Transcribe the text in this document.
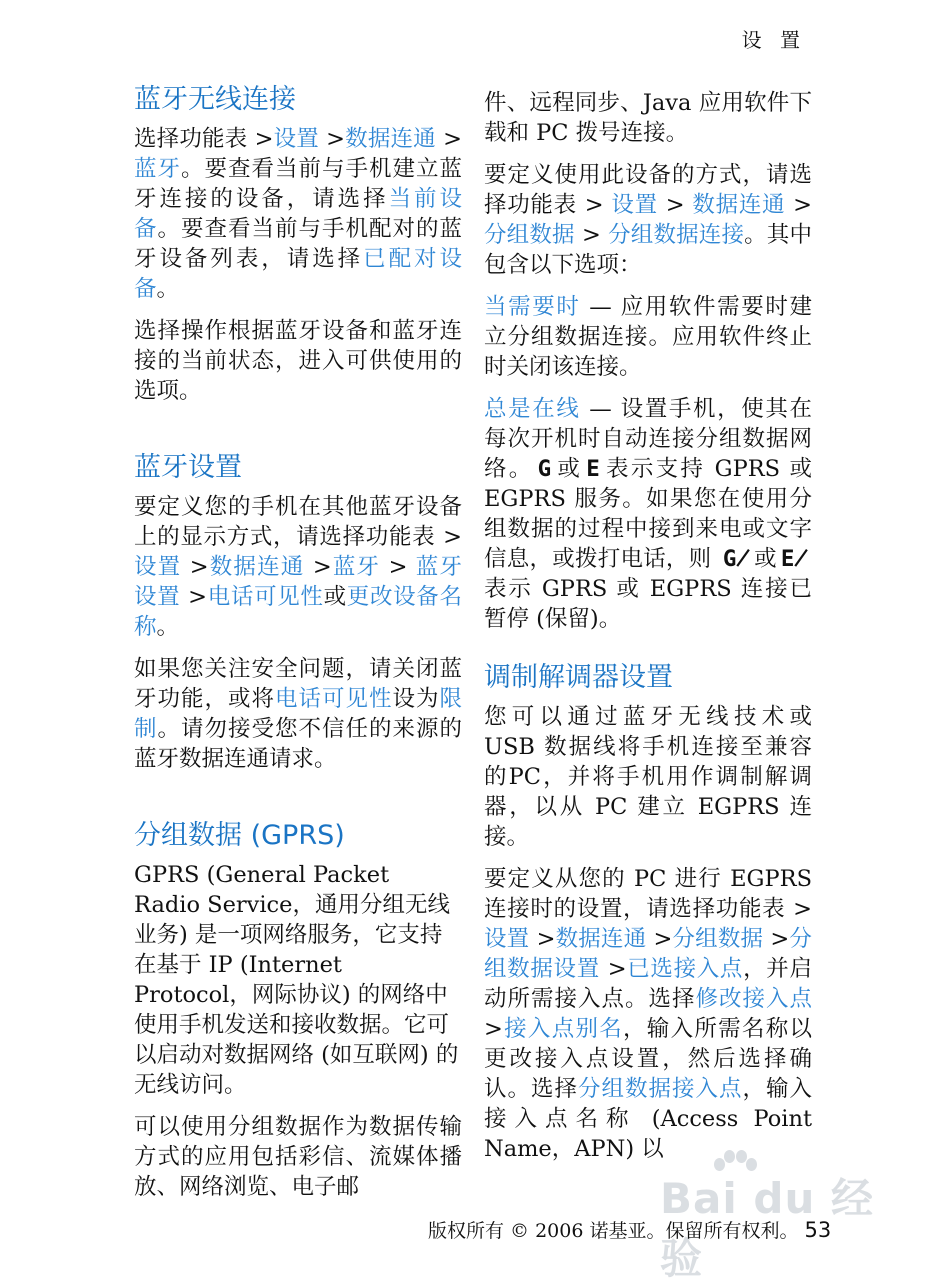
设 置
蓝牙无线连接

选择功能表 >设置 >数据连通 > 蓝牙。要查看当前与手机建立蓝牙连接的设备，请选择当前设备。要查看当前与手机配对的蓝牙设备列表，请选择已配对设备。

选择操作根据蓝牙设备和蓝牙连接的当前状态，进入可供使用的选项。

蓝牙设置

要定义您的手机在其他蓝牙设备上的显示方式，请选择功能表 >设置 >数据连通 >蓝牙 > 蓝牙设置 >电话可见性或更改设备名称。

如果您关注安全问题，请关闭蓝牙功能，或将电话可见性设为限制。请勿接受您不信任的来源的蓝牙数据连通请求。

分组数据 (GPRS)

GPRS (General Packet Radio Service，通用分组无线业务) 是一项网络服务，它支持在基于 IP (Internet Protocol，网际协议) 的网络中使用手机发送和接收数据。它可以启动对数据网络 (如互联网) 的无线访问。

可以使用分组数据作为数据传输方式的应用包括彩信、流媒体播放、网络浏览、电子邮

件、远程同步、Java 应用软件下载和 PC 拨号连接。

要定义使用此设备的方式，请选择功能表 > 设置 > 数据连通 > 分组数据 > 分组数据连接。其中包含以下选项：

当需要时 — 应用软件需要时建立分组数据连接。应用软件终止时关闭该连接。

总是在线 — 设置手机，使其在每次开机时自动连接分组数据网络。 G 或 E 表示支持 GPRS 或 EGPRS 服务。如果您在使用分组数据的过程中接到来电或文字信息，或拨打电话，则 G̸ 或 E̸表示 GPRS 或 EGPRS 连接已暂停 (保留)。

调制解调器设置

您可以通过蓝牙无线技术或 USB 数据线将手机连接至兼容的PC，并将手机用作调制解调器，以从 PC 建立 EGPRS 连接。

要定义从您的 PC 进行 EGPRS 连接时的设置，请选择功能表 >设置 >数据连通 >分组数据 >分组数据设置 >已选接入点，并启动所需接入点。选择修改接入点 >接入点别名，输入所需名称以更改接入点设置，然后选择确认。选择分组数据接入点，输入接入点名称 (Access Point Name，APN) 以

Bai du 经验
版权所有 © 2006 诺基亚。保留所有权利。 53
